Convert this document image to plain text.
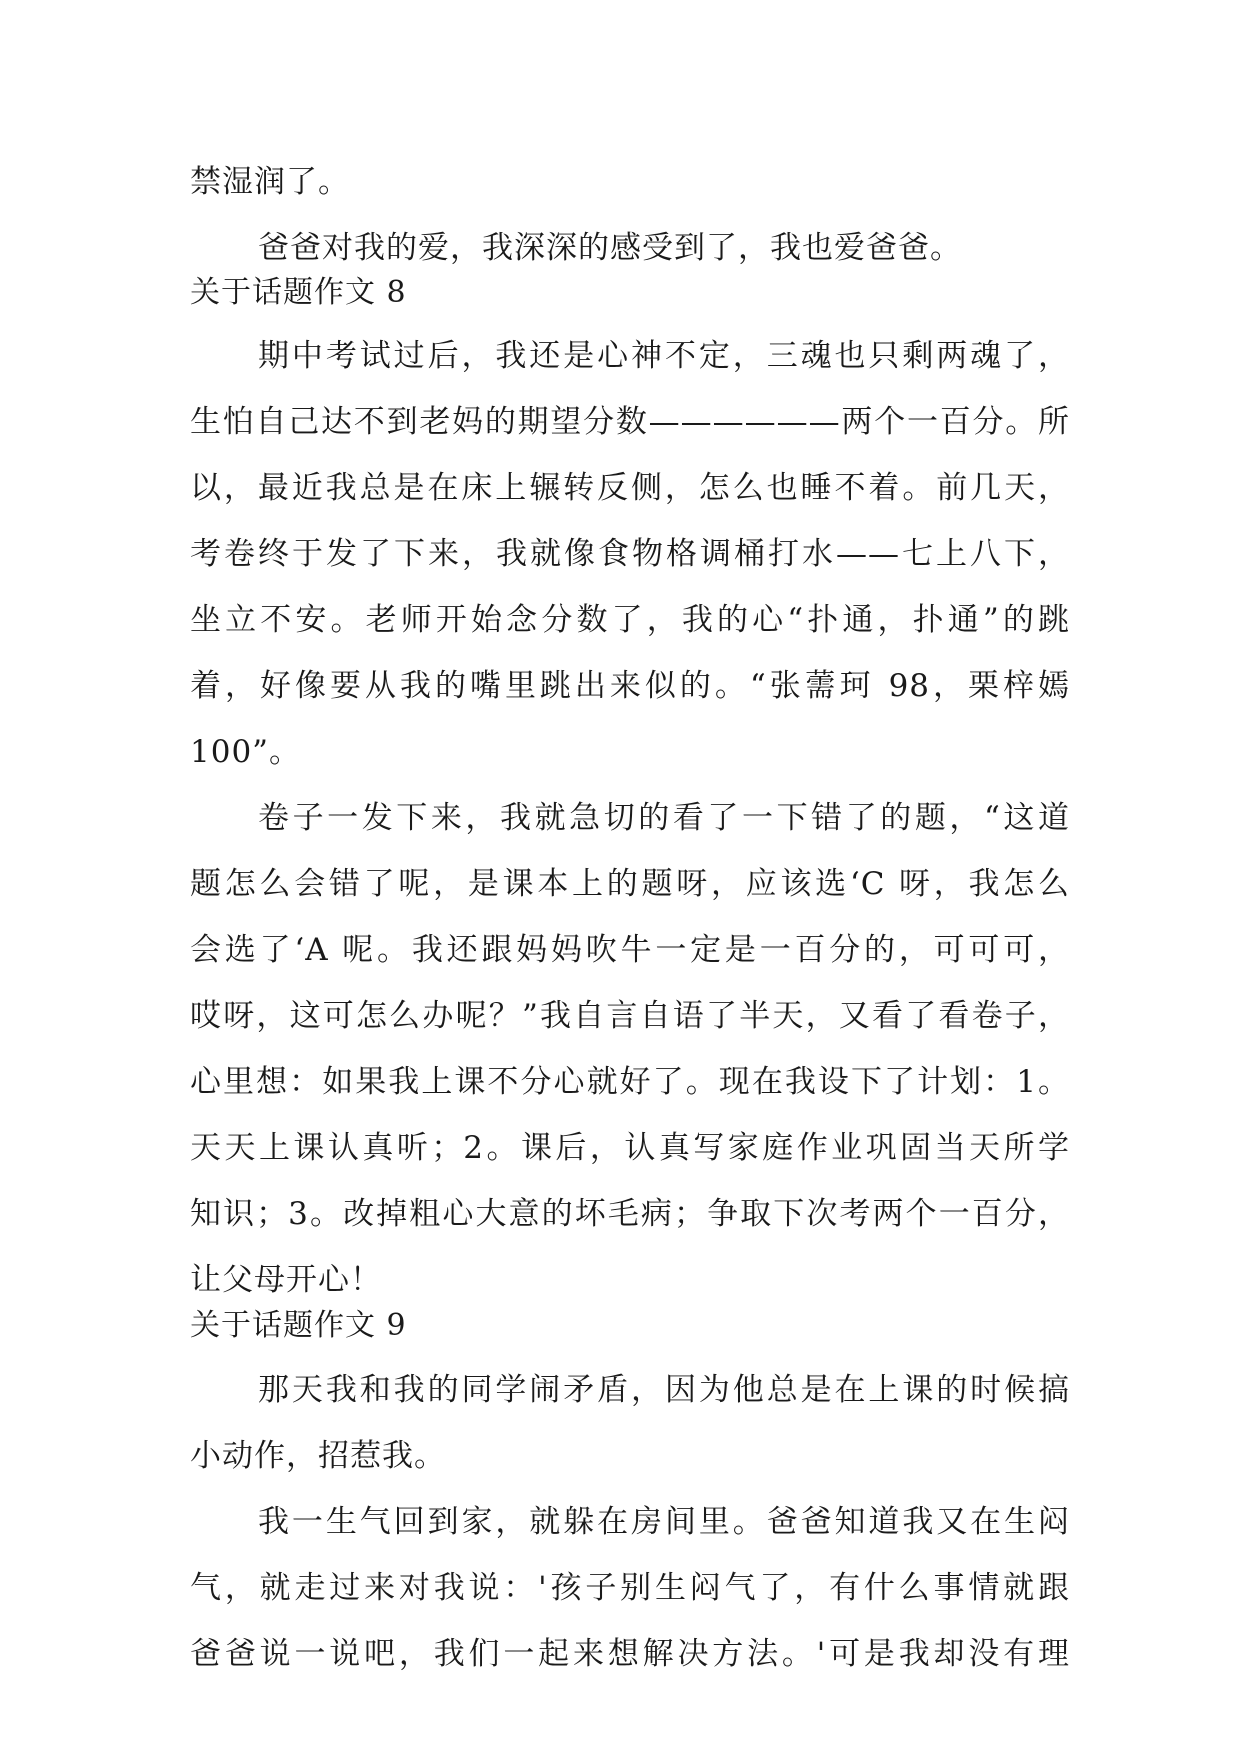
禁湿润了。
爸爸对我的爱，我深深的感受到了，我也爱爸爸。
关于话题作文 8
期中考试过后，我还是心神不定，三魂也只剩两魂了，
生怕自己达不到老妈的期望分数——————两个一百分。所
以，最近我总是在床上辗转反侧，怎么也睡不着。前几天，
考卷终于发了下来，我就像食物格调桶打水——七上八下，
坐立不安。老师开始念分数了，我的心“扑通，扑通”的跳
着，好像要从我的嘴里跳出来似的。“张薷珂 98，栗梓嫣
100”。
卷子一发下来，我就急切的看了一下错了的题，“这道
题怎么会错了呢，是课本上的题呀，应该选‘C 呀，我怎么
会选了‘A 呢。我还跟妈妈吹牛一定是一百分的，可可可，
哎呀，这可怎么办呢？”我自言自语了半天，又看了看卷子，
心里想：如果我上课不分心就好了。现在我设下了计划：1。
天天上课认真听；2。课后，认真写家庭作业巩固当天所学
知识；3。改掉粗心大意的坏毛病；争取下次考两个一百分，
让父母开心！
关于话题作文 9
那天我和我的同学闹矛盾，因为他总是在上课的时候搞
小动作，招惹我。
我一生气回到家，就躲在房间里。爸爸知道我又在生闷
气，就走过来对我说：'孩子别生闷气了，有什么事情就跟
爸爸说一说吧，我们一起来想解决方法。'可是我却没有理
